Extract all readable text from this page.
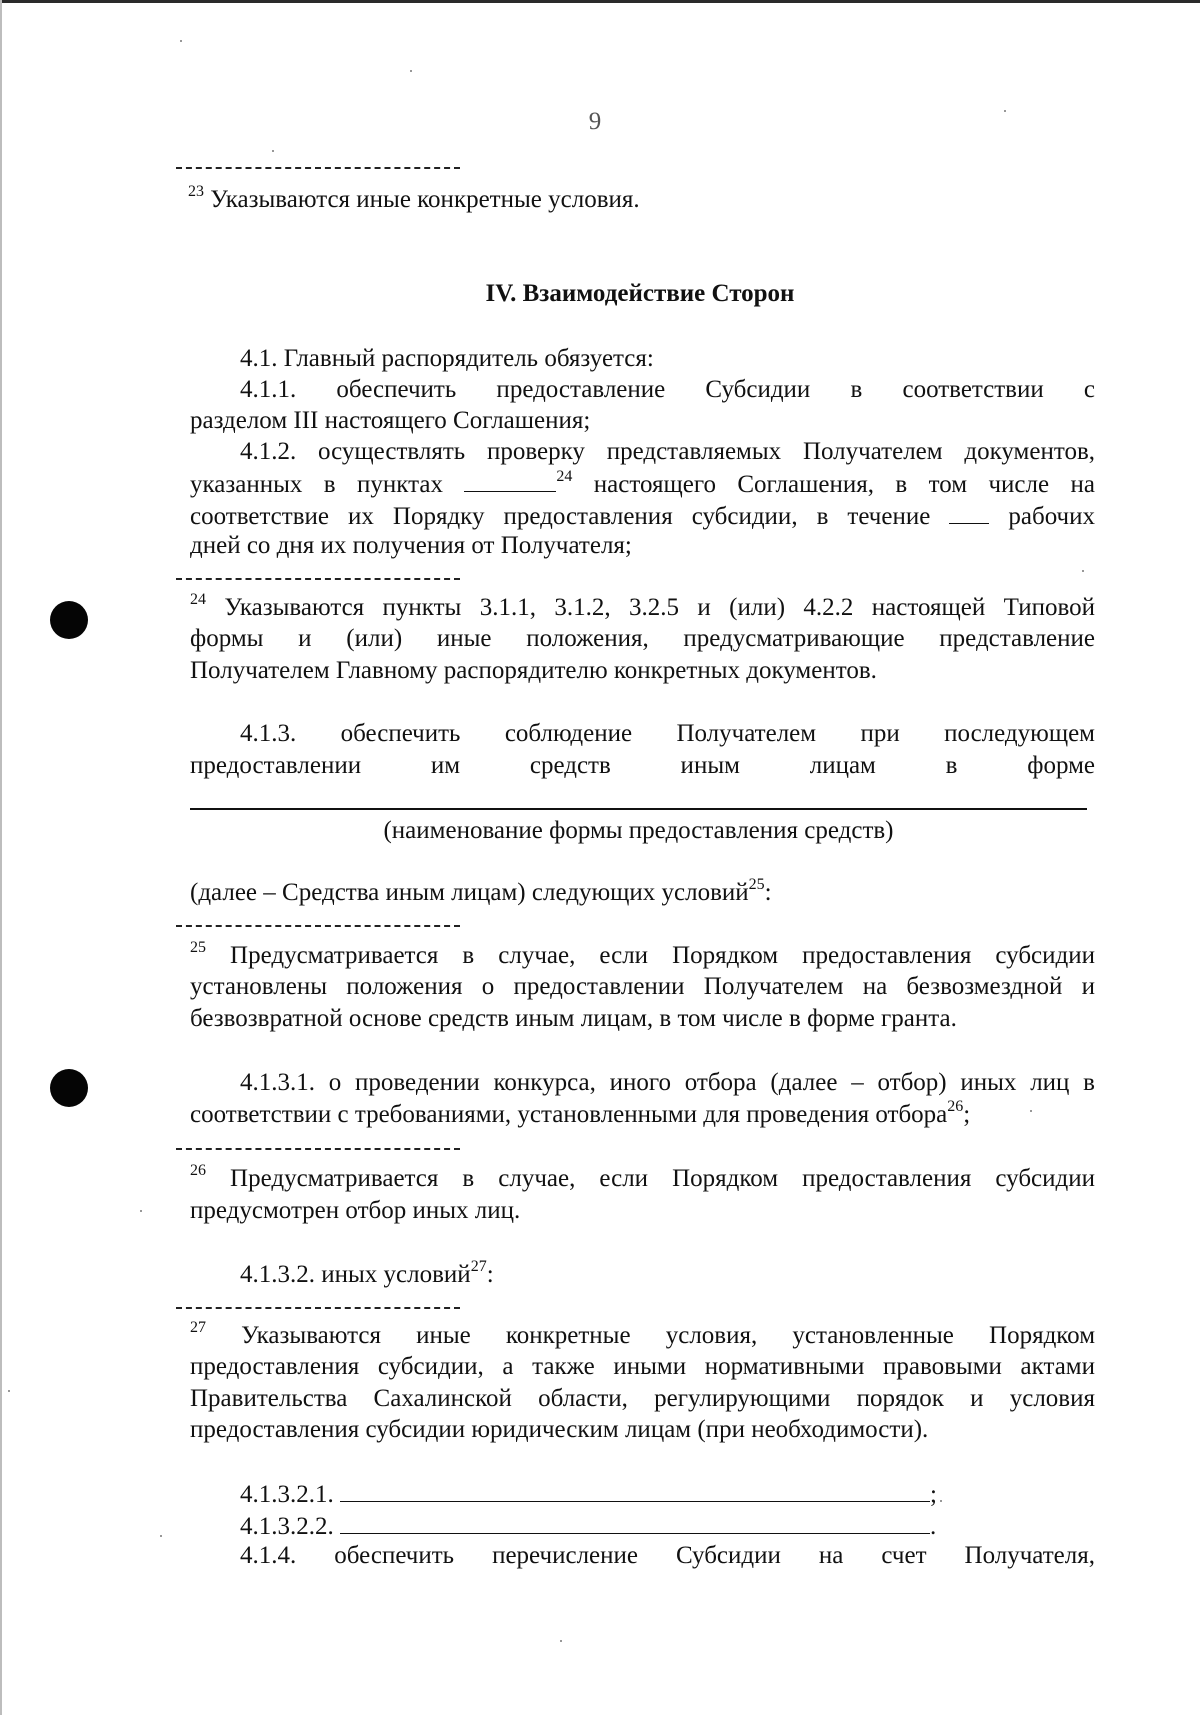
9
$^{23}$ Указываются иные конкретные условия.
IV. Взаимодействие Сторон
4.1. Главный распорядитель обязуется:
4.1.1. обеспечить предоставление Субсидии в соответствии с
разделом III настоящего Соглашения;
4.1.2. осуществлять проверку представляемых Получателем документов,
указанных в пунктах	$^{24}$ настоящего Соглашения, в том числе на
соответствие их Порядку предоставления субсидии, в течение	рабочих
дней со дня их получения от Получателя;
$^{24}$ Указываются пункты 3.1.1, 3.1.2, 3.2.5 и (или) 4.2.2 настоящей Типовой
формы и (или) иные положения, предусматривающие представление
Получателем Главному распорядителю конкретных документов.
4.1.3. обеспечить соблюдение Получателем при последующем
предоставлении им средств иным лицам в форме
(наименование формы предоставления средств)
(далее – Средства иным лицам) следующих условий$^{25}$:
$^{25}$ Предусматривается в случае, если Порядком предоставления субсидии
установлены положения о предоставлении Получателем на безвозмездной и
безвозвратной основе средств иным лицам, в том числе в форме гранта.
4.1.3.1. о проведении конкурса, иного отбора (далее – отбор) иных лиц в
соответствии с требованиями, установленными для проведения отбора$^{26}$;
$^{26}$ Предусматривается в случае, если Порядком предоставления субсидии
предусмотрен отбор иных лиц.
4.1.3.2. иных условий$^{27}$:
$^{27}$ Указываются иные конкретные условия, установленные Порядком
предоставления субсидии, а также иными нормативными правовыми актами
Правительства Сахалинской области, регулирующими порядок и условия
предоставления субсидии юридическим лицам (при необходимости).
4.1.3.2.1.	;
4.1.3.2.2.	.
4.1.4. обеспечить перечисление Субсидии на счет Получателя,
